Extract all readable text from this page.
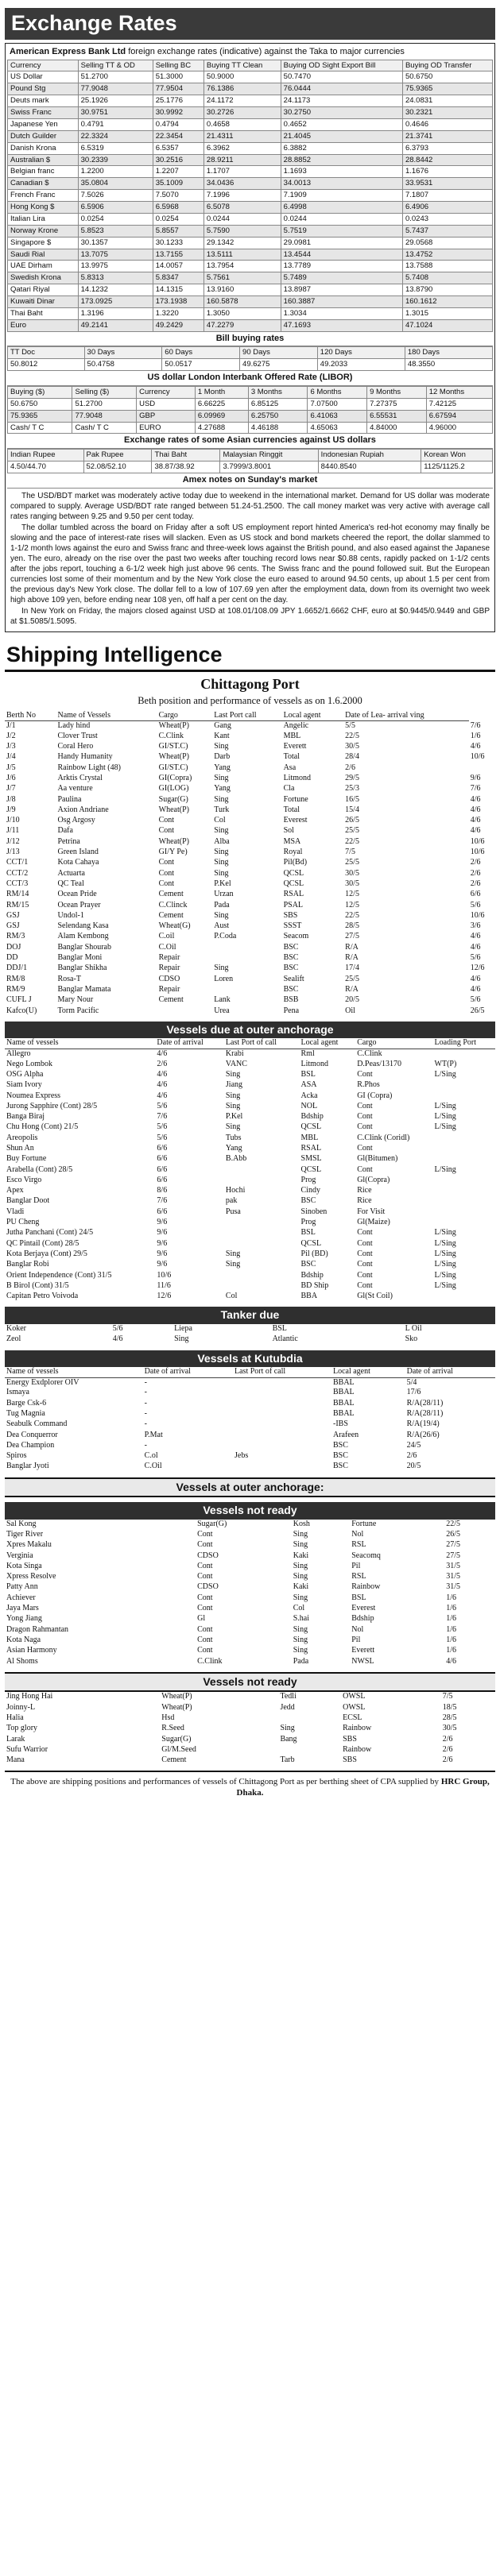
Exchange Rates
American Express Bank Ltd foreign exchange rates (indicative) against the Taka to major currencies
Currency	Selling TT & OD	Selling BC	Buying TT Clean	Buying OD Sight Export Bill	Buying OD Transfer
US Dollar	51.2700	51.3000	50.9000	50.7470	50.6750
Pound Stg	77.9048	77.9504	76.1386	76.0444	75.9365
Deuts mark	25.1926	25.1776	24.1172	24.1173	24.0831
Swiss Franc	30.9751	30.9992	30.2726	30.2750	30.2321
Japanese Yen	0.4791	0.4794	0.4658	0.4652	0.4646
Dutch Guilder	22.3324	22.3454	21.4311	21.4045	21.3741
Danish Krona	6.5319	6.5357	6.3962	6.3882	6.3793
Australian $	30.2339	30.2516	28.9211	28.8852	28.8442
Belgian franc	1.2200	1.2207	1.1707	1.1693	1.1676
Canadian $	35.0804	35.1009	34.0436	34.0013	33.9531
French Franc	7.5026	7.5070	7.1996	7.1909	7.1807
Hong Kong $	6.5906	6.5968	6.5078	6.4998	6.4906
Italian Lira	0.0254	0.0254	0.0244	0.0244	0.0243
Norway Krone	5.8523	5.8557	5.7590	5.7519	5.7437
Singapore $	30.1357	30.1233	29.1342	29.0981	29.0568
Saudi Rial	13.7075	13.7155	13.5111	13.4544	13.4752
UAE Dirham	13.9975	14.0057	13.7954	13.7789	13.7588
Swedish Krona	5.8313	5.8347	5.7561	5.7489	5.7408
Qatari Riyal	14.1232	14.1315	13.9160	13.8987	13.8790
Kuwaiti Dinar	173.0925	173.1938	160.5878	160.3887	160.1612
Thai Baht	1.3196	1.3220	1.3050	1.3034	1.3015
Euro	49.2141	49.2429	47.2279	47.1693	47.1024
Bill buying rates
TT Doc	30 Days	60 Days	90 Days	120 Days	180 Days
50.8012	50.4758	50.0517	49.6275	49.2033	48.3550
US dollar London Interbank Offered Rate (LIBOR)
Buying ($)	Selling ($)	Currency	1 Month	3 Months	6 Months	9 Months	12 Months
50.6750	51.2700	USD	6.66225	6.85125	7.07500	7.27375	7.42125
75.9365	77.9048	GBP	6.09969	6.25750	6.41063	6.55531	6.67594
Cash/ T C	Cash/ T C	EURO	4.27688	4.46188	4.65063	4.84000	4.96000
Exchange rates of some Asian currencies against US dollars
Indian Rupee	Pak Rupee	Thai Baht	Malaysian Ringgit	Indonesian Rupiah	Korean Won
4.50/44.70	52.08/52.10	38.87/38.92	3.7999/3.8001	8440.8540	1125/1125.2
Amex notes on Sunday's market

The USD/BDT market was moderately active today due to weekend in the international market. Demand for US dollar was moderate compared to supply. Average USD/BDT rate ranged between 51.24-51.2500. The call money market was very active with average call rates ranging between 9.25 and 9.50 per cent today.

The dollar tumbled across the board on Friday after a soft US employment report hinted America's red-hot economy may finally be slowing and the pace of interest-rate rises will slacken. Even as US stock and bond markets cheered the report, the dollar slammed to 1-1/2 month lows against the euro and Swiss franc and three-week lows against the British pound, and also eased against the Japanese yen. The euro, already on the rise over the past two weeks after touching record lows near $0.88 cents, rapidly packed on 1-1/2 cents after the jobs report, touching a 6-1/2 week high just above 96 cents. The Swiss franc and the pound followed suit. But the European currencies lost some of their momentum and by the New York close the euro eased to around 94.50 cents, up about 1.5 per cent from the previous day's New York close. The dollar fell to a low of 107.69 yen after the employment data, down from its overnight two week high above 109 yen, before ending near 108 yen, off half a per cent on the day.

In New York on Friday, the majors closed against USD at 108.01/108.09 JPY 1.6652/1.6662 CHF, euro at $0.9445/0.9449 and GBP at $1.5085/1.5095.

Shipping Intelligence
Chittagong Port
Beth position and performance of vessels as on 1.6.2000
Berth No	Name of Vessels	Cargo	Last Port call	Local agent	Date of Lea- arrival ving	
J/1	Lady hind	Wheat(P)	Gang	Angelic	5/5	7/6
J/2	Clover Trust	C.Clink	Kant	MBL	22/5	1/6
J/3	Coral Hero	GI/ST.C)	Sing	Everett	30/5	4/6
J/4	Handy Humanity	Wheat(P)	Darb	Total	28/4	10/6
J/5	Rainbow Light (48)	GI/ST.C)	Yang	Asa	2/6	
J/6	Arktis Crystal	GI(Copra)	Sing	Litmond	29/5	9/6
J/7	Aa venture	GI(LOG)	Yang	Cla	25/3	7/6
J/8	Paulina	Sugar(G)	Sing	Fortune	16/5	4/6
J/9	Axion Andriane	Wheat(P)	Turk	Total	15/4	4/6
J/10	Osg Argosy	Cont	Col	Everest	26/5	4/6
J/11	Dafa	Cont	Sing	Sol	25/5	4/6
J/12	Petrina	Wheat(P)	Alba	MSA	22/5	10/6
J/13	Green Island	GI/Y Pe)	Sing	Royal	7/5	10/6
CCT/1	Kota Cahaya	Cont	Sing	Pil(Bd)	25/5	2/6
CCT/2	Actuarta	Cont	Sing	QCSL	30/5	2/6
CCT/3	QC Teal	Cont	P.Kel	QCSL	30/5	2/6
RM/14	Ocean Pride	Cement	Urzan	RSAL	12/5	6/6
RM/15	Ocean Prayer	C.Clinck	Pada	PSAL	12/5	5/6
GSJ	Undol-1	Cement	Sing	SBS	22/5	10/6
GSJ	Selendang Kasa	Wheat(G)	Aust	SSST	28/5	3/6
RM/3	Alam Kembong	C.oil	P.Coda	Seacom	27/5	4/6
DOJ	Banglar Shourab	C.Oil		BSC	R/A	4/6
DD	Banglar Moni	Repair		BSC	R/A	5/6
DDJ/1	Banglar Shikha	Repair	Sing	BSC	17/4	12/6
RM/8	Rosa-T	CDSO	Loren	Sealift	25/5	4/6
RM/9	Banglar Mamata	Repair		BSC	R/A	4/6
CUFL J	Mary Nour	Cement	Lank	BSB	20/5	5/6
Kafco(U)	Torm Pacific		Urea	Pena	Oil	26/5
Vessels due at outer anchorage
Name of vessels	Date of arrival	Last Port of call	Local agent	Cargo	Loading Port
Allegro	4/6	Krabi	Rml	C.Clink	
Nego Lombok	2/6	VANC	Litmond	D.Peas/13170	WT(P)
OSG Alpha	4/6	Sing	BSL	Cont	L/Sing
Siam Ivory	4/6	Jiang	ASA	R.Phos	
Noumea Express	4/6	Sing	Acka	GI (Copra)	
Jurong Sapphire (Cont) 28/5	5/6	Sing	NOL	Cont	L/Sing
Banga Biraj	7/6	P.Kel	Bdship	Cont	L/Sing
Chu Hong (Cont) 21/5	5/6	Sing	QCSL	Cont	L/Sing
Areopolis	5/6	Tubs	MBL	C.Clink (Coridl)	
Shun An	6/6	Yang	RSAL	Cont	
Buy Fortune	6/6	B.Abb	SMSL	Gl(Bitumen)	
Arabella (Cont) 28/5	6/6		QCSL	Cont	L/Sing
Esco Virgo	6/6		Prog	Gl(Copra)	
Apex	8/6	Hochi	Cindy	Rice	
Banglar Doot	7/6	pak	BSC	Rice	
Vladi	6/6	Pusa	Sinoben	For Visit	
PU Cheng	9/6		Prog	Gl(Maize)	
Jutha Panchani (Cont) 24/5	9/6		BSL	Cont	L/Sing
QC Pintail (Cont) 28/5	9/6		QCSL	Cont	L/Sing
Kota Berjaya (Cont) 29/5	9/6	Sing	Pil (BD)	Cont	L/Sing
Banglar Robi	9/6	Sing	BSC	Cont	L/Sing
Orient Independence (Cont) 31/5	10/6		Bdship	Cont	L/Sing
B Birol (Cont) 31/5	11/6		BD Ship	Cont	L/Sing
Capitan Petro Voivoda	12/6	Col	BBA	Gl(St Coil)	
Tanker due
Koker	5/6	Liepa	BSL	L Oil
Zeol	4/6	Sing	Atlantic	Sko
Vessels at Kutubdia
Name of vessels	Date of arrival	Last Port of call	Local agent	Date of arrival
Energy Exdplorer OIV	-		BBAL	5/4
Ismaya	-		BBAL	17/6
Barge Csk-6	-		BBAL	R/A(28/11)
Tug Magnia	-		BBAL	R/A(28/11)
Seabulk Command	-		-IBS	R/A(19/4)
Dea Conquerror	P.Mat		Arafeen	R/A(26/6)
Dea Champion	-		BSC	24/5
Spiros	C.ol	Jebs	BSC	2/6
Banglar Jyoti	C.Oil		BSC	20/5
Vessels at outer anchorage:
Vessels not ready
Sal Kong	Sugar(G)	Kosh	Fortune	22/5
Tiger River	Cont	Sing	Nol	26/5
Xpres Makalu	Cont	Sing	RSL	27/5
Verginia	CDSO	Kaki	Seacomq	27/5
Kota Singa	Cont	Sing	Pil	31/5
Xpress Resolve	Cont	Sing	RSL	31/5
Patty Ann	CDSO	Kaki	Rainbow	31/5
Achiever	Cont	Sing	BSL	1/6
Jaya Mars	Cont	Col	Everest	1/6
Yong Jiang	Gl	S.hai	Bdship	1/6
Dragon Rahmantan	Cont	Sing	Nol	1/6
Kota Naga	Cont	Sing	Pil	1/6
Asian Harmony	Cont	Sing	Everett	1/6
Al Shoms	C.Clink	Pada	NWSL	4/6
Vessels not ready
Jing Hong Hai	Wheat(P)	Tedli	OWSL	7/5
Joinny-L	Wheat(P)	Jedd	OWSL	18/5
Halia	Hsd		ECSL	28/5
Top glory	R.Seed	Sing	Rainbow	30/5
Larak	Sugar(G)	Bang	SBS	2/6
Sufu Warrior	Gl/M.Seed		Rainbow	2/6
Mana	Cement	Tarb	SBS	2/6
The above are shipping positions and performances of vessels of Chittagong Port as per berthing sheet of CPA supplied by HRC Group, Dhaka.
